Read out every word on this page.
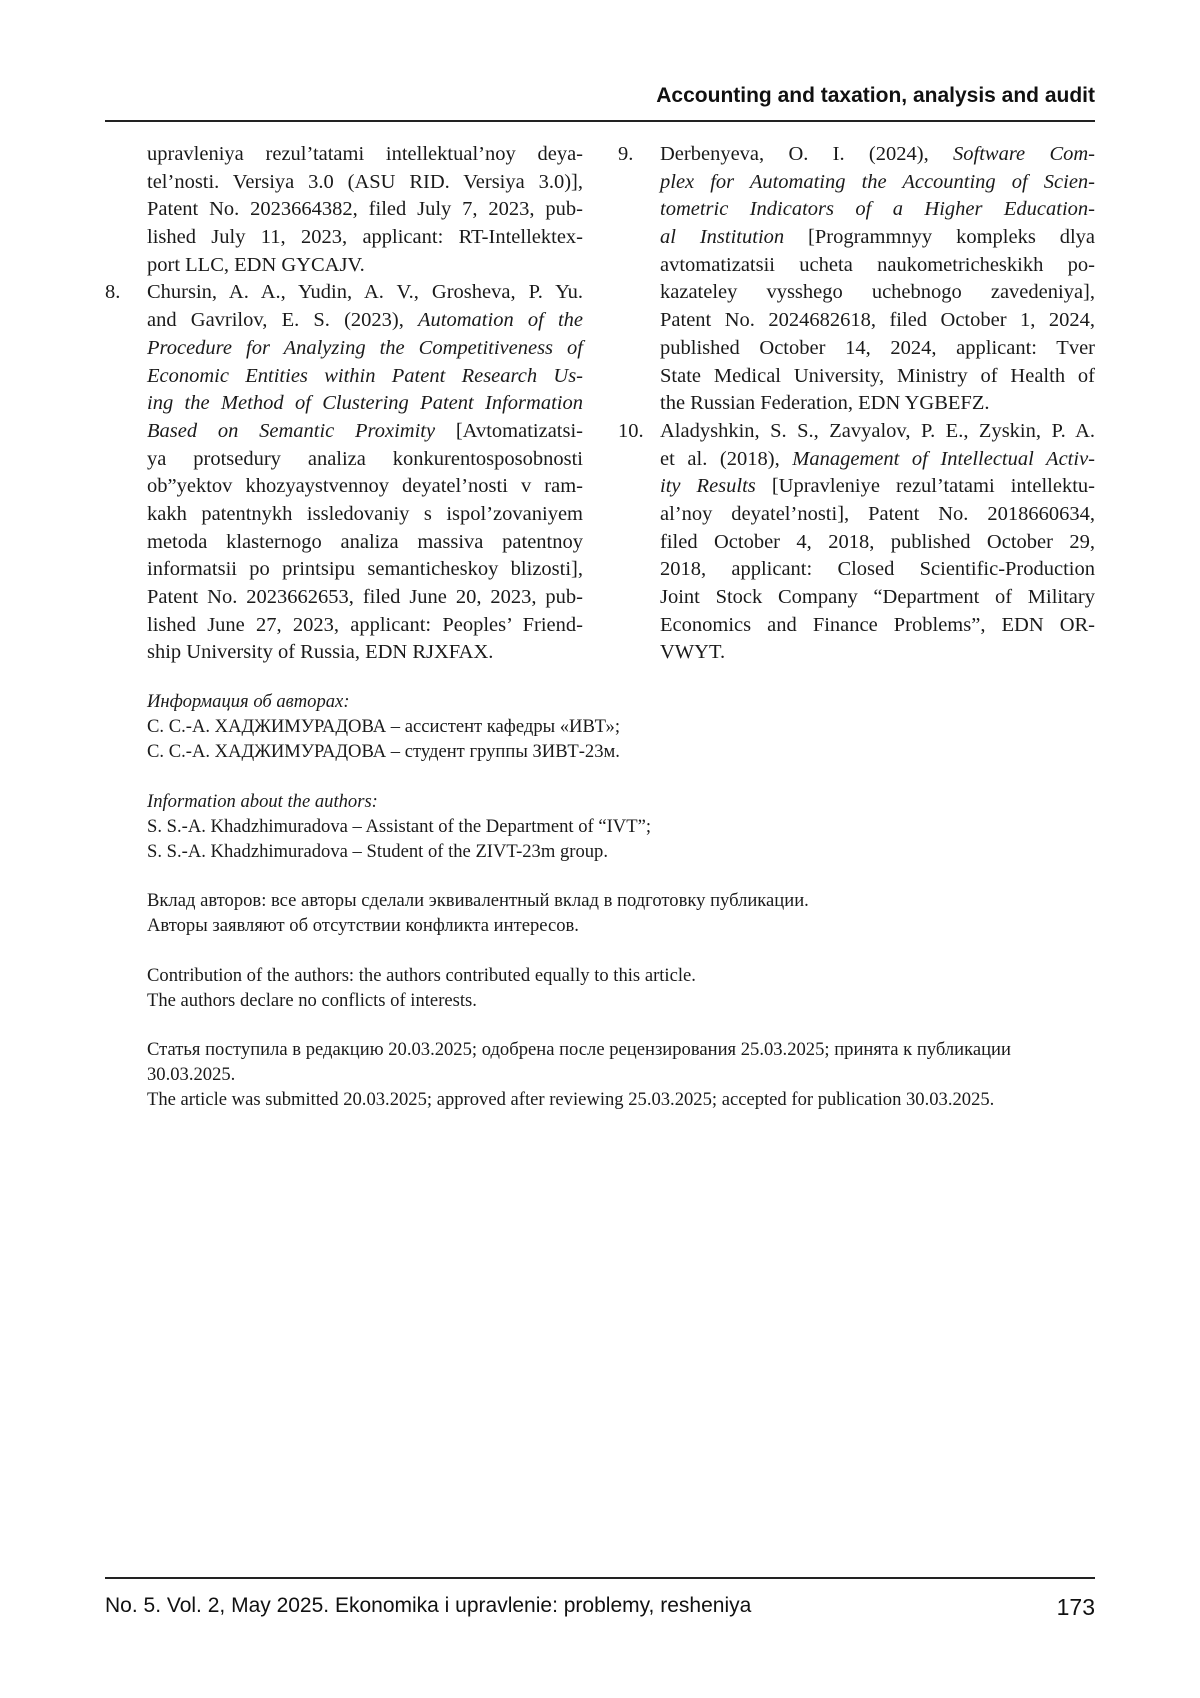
Accounting and taxation, analysis and audit
upravleniya rezul’tatami intellektual’noy deya-
tel’nosti. Versiya 3.0 (ASU RID. Versiya 3.0)],
Patent No. 2023664382, filed July 7, 2023, pub-
lished July 11, 2023, applicant: RT-Intellektex-
port LLC, EDN GYCAJV.
8. Chursin, A. A., Yudin, A. V., Grosheva, P. Yu.
and Gavrilov, E. S. (2023), Automation of the
Procedure for Analyzing the Competitiveness of
Economic Entities within Patent Research Us-
ing the Method of Clustering Patent Information
Based on Semantic Proximity [Avtomatizatsi-
ya protsedury analiza konkurentosposobnosti
ob”yektov khozyaystvennoy deyatel’nosti v ram-
kakh patentnykh issledovaniy s ispol’zovaniyem
metoda klasternogo analiza massiva patentnoy
informatsii po printsipu semanticheskoy blizosti],
Patent No. 2023662653, filed June 20, 2023, pub-
lished June 27, 2023, applicant: Peoples’ Friend-
ship University of Russia, EDN RJXFAX.
9. Derbenyeva, O. I. (2024), Software Com-
plex for Automating the Accounting of Scien-
tometric Indicators of a Higher Education-
al Institution [Programmnyy kompleks dlya
avtomatizatsii ucheta naukometricheskikh po-
kazateley vysshego uchebnogo zavedeniya],
Patent No. 2024682618, filed October 1, 2024,
published October 14, 2024, applicant: Tver
State Medical University, Ministry of Health of
the Russian Federation, EDN YGBEFZ.
10. Aladyshkin, S. S., Zavyalov, P. E., Zyskin, P. A.
et al. (2018), Management of Intellectual Activ-
ity Results [Upravleniye rezul’tatami intellektu-
al’noy deyatel’nosti], Patent No. 2018660634,
filed October 4, 2018, published October 29,
2018, applicant: Closed Scientific-Production
Joint Stock Company “Department of Military
Economics and Finance Problems”, EDN OR-
VWYT.
Информация об авторах:
С. С.-А. ХАДЖИМУРАДОВА – ассистент кафедры «ИВТ»;
С. С.-А. ХАДЖИМУРАДОВА – студент группы ЗИВТ-23м.
Information about the authors:
S. S.-A. Khadzhimuradova – Assistant of the Department of “IVT”;
S. S.-A. Khadzhimuradova – Student of the ZIVT-23m group.
Вклад авторов: все авторы сделали эквивалентный вклад в подготовку публикации.
Авторы заявляют об отсутствии конфликта интересов.
Contribution of the authors: the authors contributed equally to this article.
The authors declare no conflicts of interests.
Статья поступила в редакцию 20.03.2025; одобрена после рецензирования 25.03.2025; принята к публикации
30.03.2025.
The article was submitted 20.03.2025; approved after reviewing 25.03.2025; accepted for publication 30.03.2025.
No. 5. Vol. 2, May 2025. Ekonomika i upravlenie: problemy, resheniya	173
